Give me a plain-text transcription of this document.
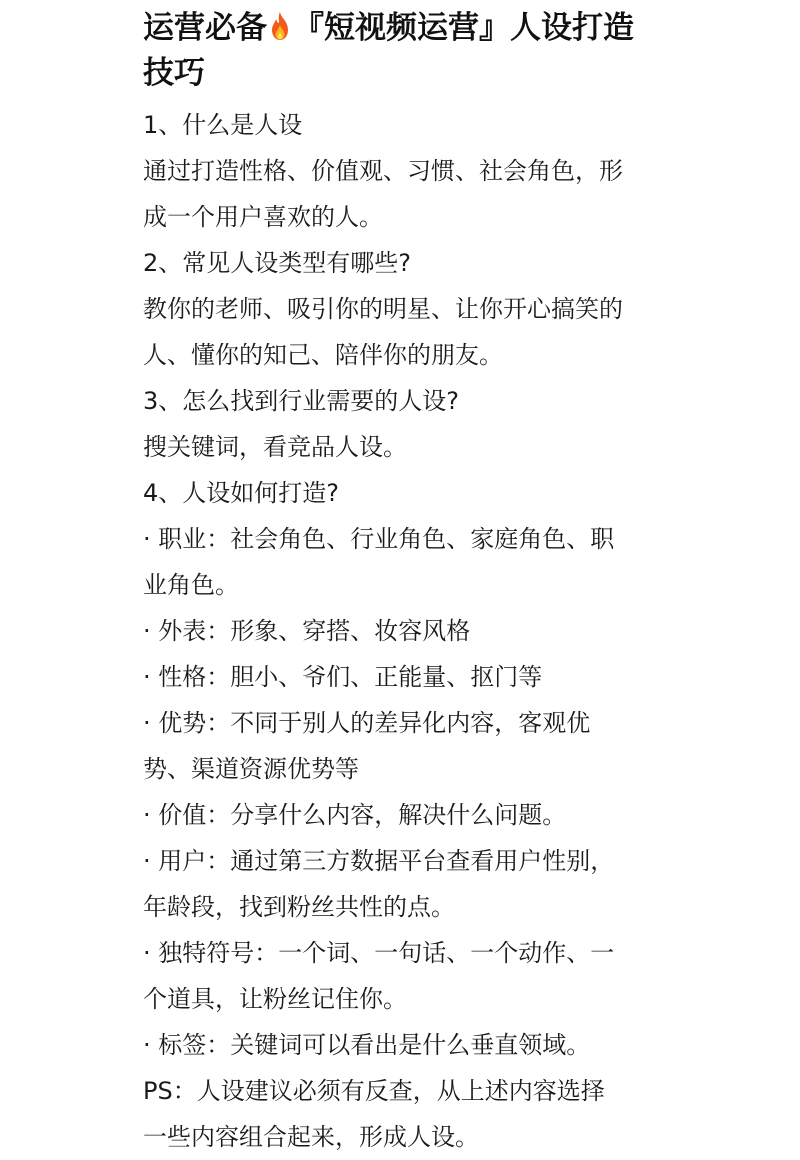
运营必备 『短视频运营』人设打造
技巧

1、什么是人设

通过打造性格、价值观、习惯、社会角色，形

成一个用户喜欢的人。

2、常见人设类型有哪些?

教你的老师、吸引你的明星、让你开心搞笑的

人、懂你的知己、陪伴你的朋友。

3、怎么找到行业需要的人设?

搜关键词，看竞品人设。

4、人设如何打造?

· 职业：社会角色、行业角色、家庭角色、职

业角色。

· 外表：形象、穿搭、妆容风格

· 性格：胆小、爷们、正能量、抠门等

· 优势：不同于别人的差异化内容，客观优

势、渠道资源优势等

· 价值：分享什么内容，解决什么问题。

· 用户：通过第三方数据平台查看用户性别，

年龄段，找到粉丝共性的点。

· 独特符号：一个词、一句话、一个动作、一

个道具，让粉丝记住你。

· 标签：关键词可以看出是什么垂直领域。

PS：人设建议必须有反查，从上述内容选择

一些内容组合起来，形成人设。
